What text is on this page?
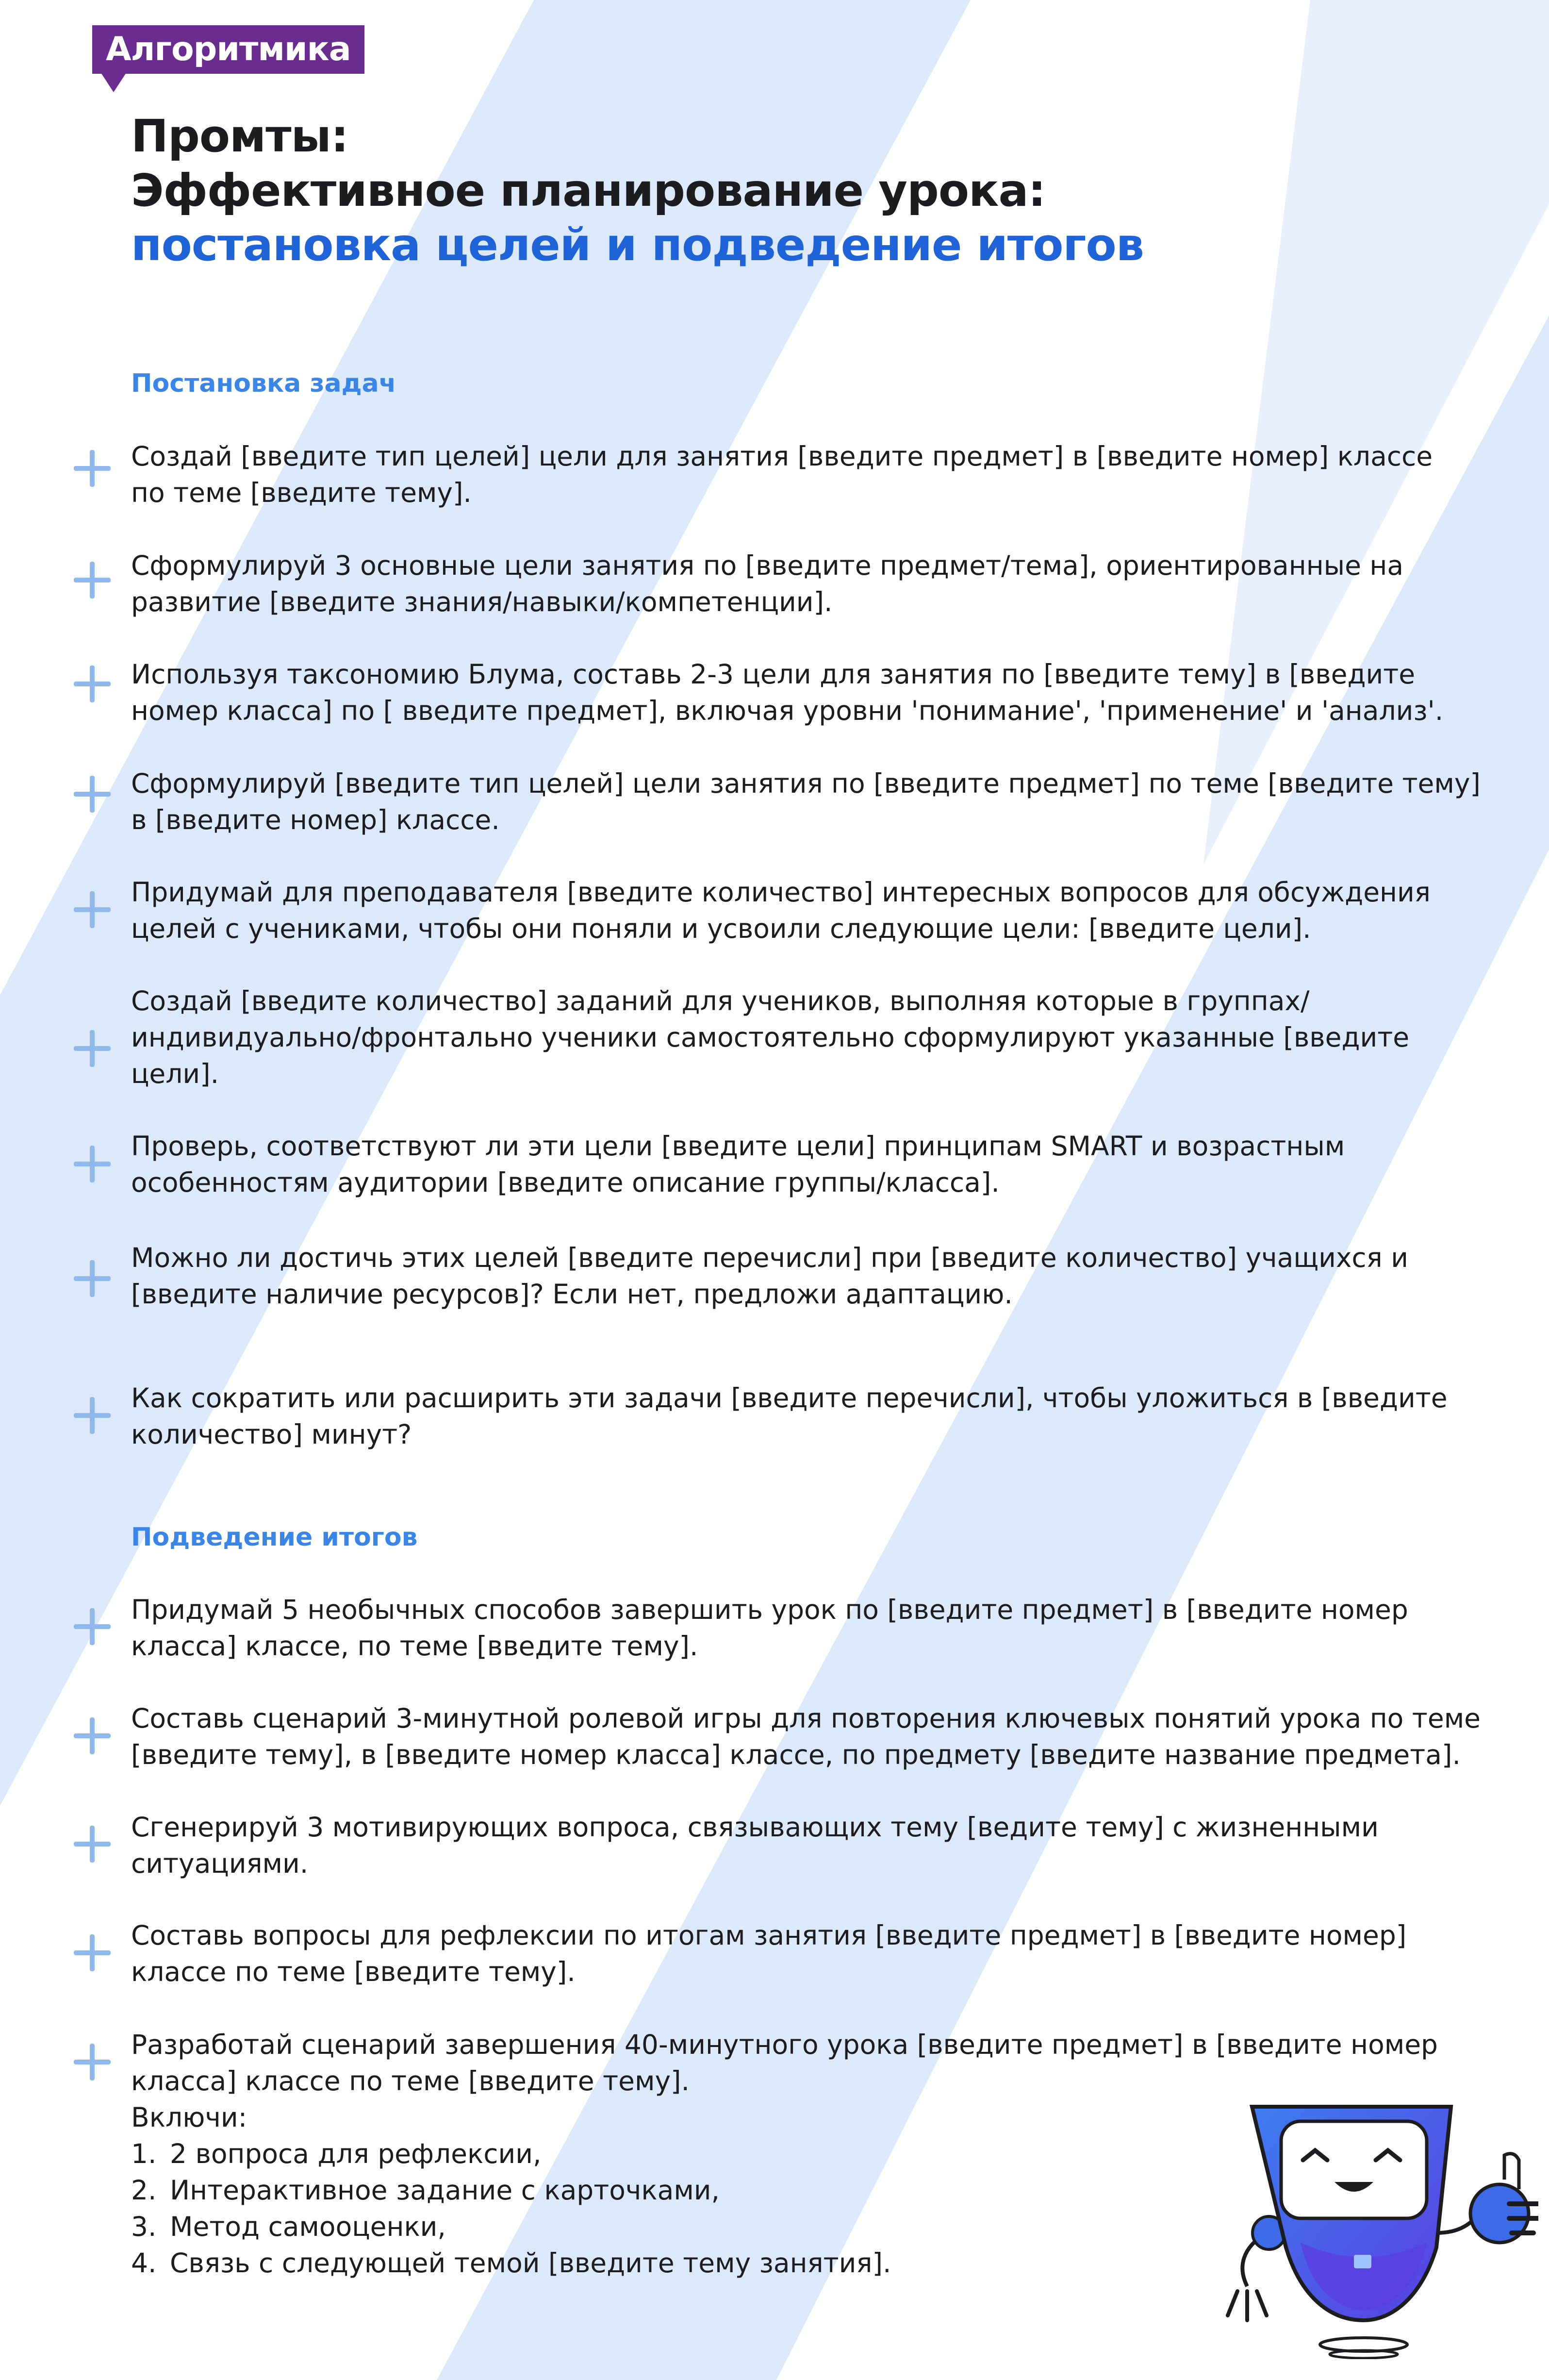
Алгоритмика
Промты:
Эффективное планирование урока:
постановка целей и подведение итогов
Постановка задач

Создай [введите тип целей] цели для занятия [введите предмет] в [введите номер] классе

по теме [введите тему].

Сформулируй 3 основные цели занятия по [введите предмет/тема], ориентированные на

развитие [введите знания/навыки/компетенции].

Используя таксономию Блума, составь 2-3 цели для занятия по [введите тему] в [введите

номер класса] по [ введите предмет], включая уровни 'понимание', 'применение' и 'анализ'.

Сформулируй [введите тип целей] цели занятия по [введите предмет] по теме [введите тему]

в [введите номер] классе.

Придумай для преподавателя [введите количество] интересных вопросов для обсуждения

целей с учениками, чтобы они поняли и усвоили следующие цели: [введите цели].

Создай [введите количество] заданий для учеников, выполняя которые в группах/

индивидуально/фронтально ученики самостоятельно сформулируют указанные [введите

цели].

Проверь, соответствуют ли эти цели [введите цели] принципам SMART и возрастным

особенностям аудитории [введите описание группы/класса].

Можно ли достичь этих целей [введите перечисли] при [введите количество] учащихся и

[введите наличие ресурсов]? Если нет, предложи адаптацию.

Как сократить или расширить эти задачи [введите перечисли], чтобы уложиться в [введите

количество] минут?

Подведение итогов

Придумай 5 необычных способов завершить урок по [введите предмет] в [введите номер

класса] классе, по теме [введите тему].

Составь сценарий 3-минутной ролевой игры для повторения ключевых понятий урока по теме

[введите тему], в [введите номер класса] классе, по предмету [введите название предмета].

Сгенерируй 3 мотивирующих вопроса, связывающих тему [ведите тему] с жизненными

ситуациями.

Составь вопросы для рефлексии по итогам занятия [введите предмет] в [введите номер]

классе по теме [введите тему].

Разработай сценарий завершения 40-минутного урока [введите предмет] в [введите номер

класса] классе по теме [введите тему].

Включи:

1. 2 вопроса для рефлексии,

2. Интерактивное задание с карточками,

3. Метод самооценки,

4. Связь с следующей темой [введите тему занятия].
